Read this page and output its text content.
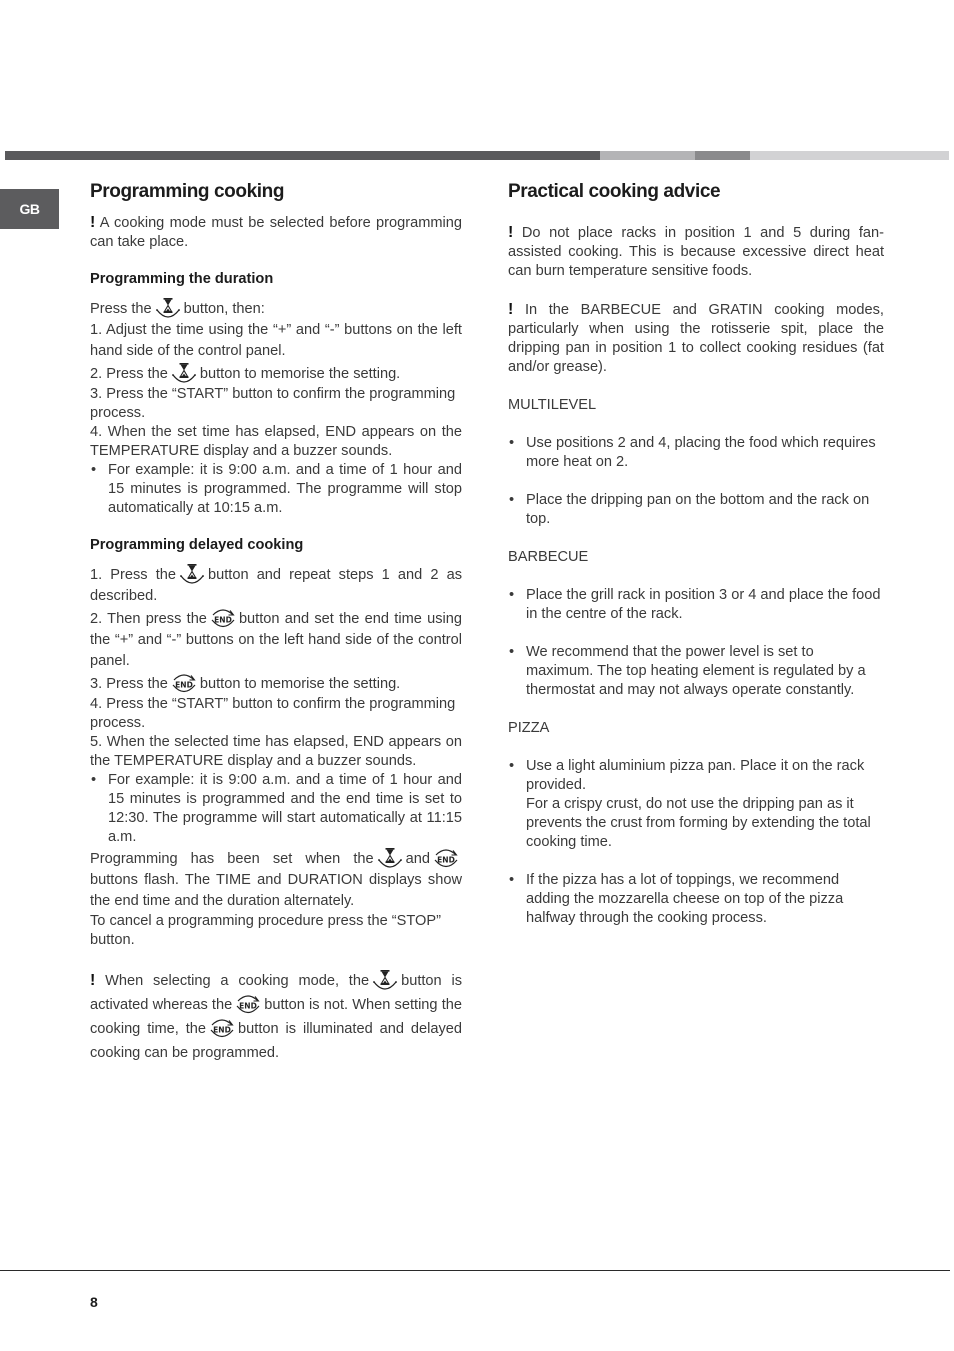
GB
Programming cooking

! A cooking mode must be selected before programming can take place.

Programming the duration

Press the button, then:

1. Adjust the time using the “+” and “-” buttons on the left hand side of the control panel.

2. Press the button to memorise the setting.

3. Press the “START” button to confirm the programming process.

4. When the set time has elapsed, END appears on the TEMPERATURE display and a buzzer sounds.

• For example: it is 9:00 a.m. and a time of 1 hour and 15 minutes is programmed. The programme will stop automatically at 10:15 a.m.
Programming delayed cooking

1. Press the button and repeat steps 1 and 2 as described.

2. Then press the button and set the end time using the “+” and “-” buttons on the left hand side of the control panel.

3. Press the button to memorise the setting.

4. Press the “START” button to confirm the programming process.

5. When the selected time has elapsed, END appears on the TEMPERATURE display and a buzzer sounds.

• For example: it is 9:00 a.m. and a time of 1 hour and 15 minutes is programmed and the end time is set to 12:30. The programme will start automatically at 11:15 a.m.

Programming has been set when the andbuttons flash. The TIME and DURATION displays show the end time and the duration alternately.

To cancel a programming procedure press the “STOP” button.

! When selecting a cooking mode, the button is activated whereas the button is not. When setting the cooking time, the button is illuminated and delayed cooking can be programmed.

Practical cooking advice

! Do not place racks in position 1 and 5 during fan-assisted cooking. This is because excessive direct heat can burn temperature sensitive foods.

! In the BARBECUE and GRATIN cooking modes, particularly when using the rotisserie spit, place the dripping pan in position 1 to collect cooking residues (fat and/or grease).

MULTILEVEL

• Use positions 2 and 4, placing the food which requires more heat on 2.
• Place the dripping pan on the bottom and the rack on top.

BARBECUE

• Place the grill rack in position 3 or 4 and place the food in the centre of the rack.
• We recommend that the power level is set to maximum. The top heating element is regulated by a thermostat and may not always operate constantly.

PIZZA

• Use a light aluminium pizza pan. Place it on the rack provided.

For a crispy crust, do not use the dripping pan as it prevents the crust from forming by extending the total cooking time.

• If the pizza has a lot of toppings, we recommend adding the mozzarella cheese on top of the pizza halfway through the cooking process.
8
